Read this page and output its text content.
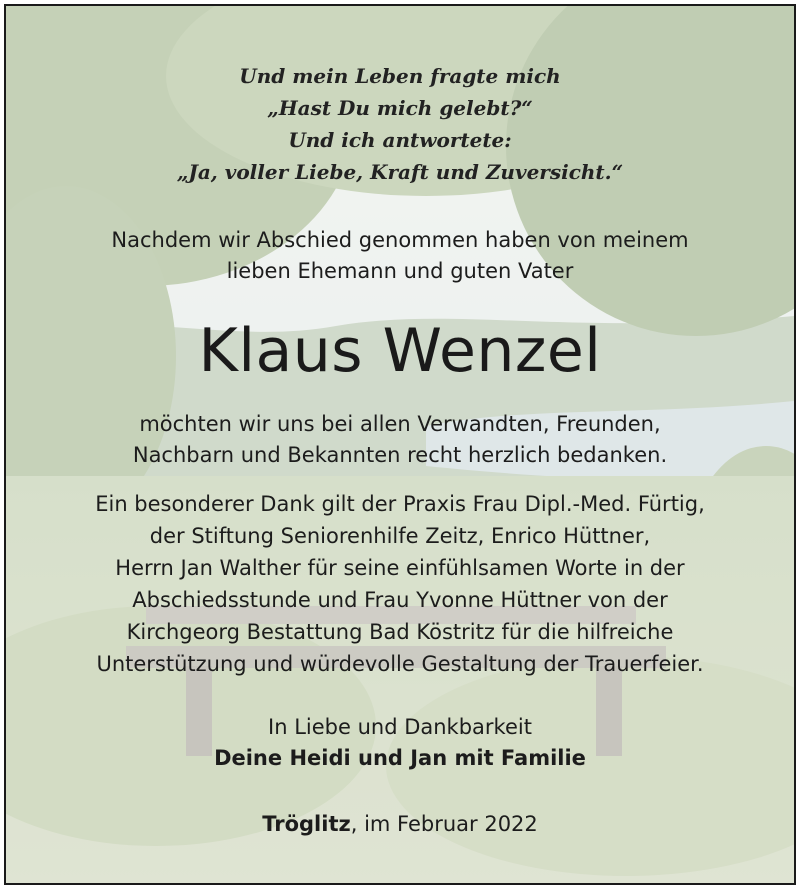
Und mein Leben fragte mich
„Hast Du mich gelebt?“
Und ich antwortete:
„Ja, voller Liebe, Kraft und Zuversicht.“
Nachdem wir Abschied genommen haben von meinem
lieben Ehemann und guten Vater
Klaus Wenzel
möchten wir uns bei allen Verwandten, Freunden,
Nachbarn und Bekannten recht herzlich bedanken.
Ein besonderer Dank gilt der Praxis Frau Dipl.-Med. Fürtig,
der Stiftung Seniorenhilfe Zeitz, Enrico Hüttner,
Herrn Jan Walther für seine einfühlsamen Worte in der
Abschiedsstunde und Frau Yvonne Hüttner von der
Kirchgeorg Bestattung Bad Köstritz für die hilfreiche
Unterstützung und würdevolle Gestaltung der Trauerfeier.
In Liebe und Dankbarkeit
Deine Heidi und Jan mit Familie
Tröglitz, im Februar 2022
